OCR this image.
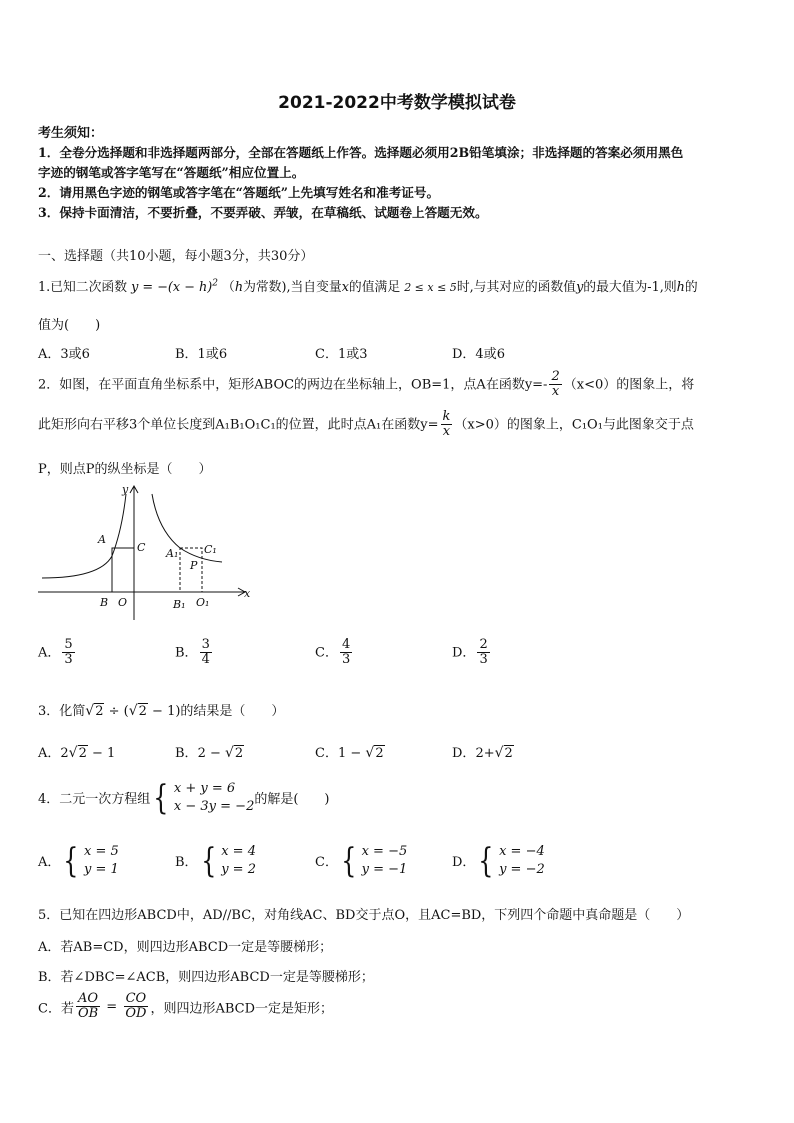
2021-2022中考数学模拟试卷
考生须知：
1．全卷分选择题和非选择题两部分，全部在答题纸上作答。选择题必须用2B铅笔填涂；非选择题的答案必须用黑色
字迹的钢笔或答字笔写在“答题纸”相应位置上。
2．请用黑色字迹的钢笔或答字笔在“答题纸”上先填写姓名和准考证号。
3．保持卡面清洁，不要折叠，不要弄破、弄皱，在草稿纸、试题卷上答题无效。
一、选择题（共10小题，每小题3分，共30分）
1.已知二次函数 $y = -(x - h)^2$ （h为常数),当自变量x的值满足 2 ≤ x ≤ 5时,与其对应的函数值y的最大值为-1,则h的
值为(　　)
A．3或6	B．1或6	C．1或3	D．4或6
2．如图，在平面直角坐标系中，矩形ABOC的两边在坐标轴上，OB=1，点A在函数$y=- \frac{2}{x} (x<0)$的图象上，将
此矩形向右平移3个单位长度到A₁B₁O₁C₁的位置，此时点A₁在函数$y= \frac{k}{x} (x>0)$的图象上，C₁O₁与此图象交于点
P，则点P的纵坐标是（　　）
y
x
A
C
B O
A₁ C₁
P
B₁ O₁
A． $\frac{5}{3}$	B． $\frac{3}{4}$	C． $\frac{4}{3}$	D． $\frac{2}{3}$
3．化简 √ 2 ÷ ( √ 2 − 1)的结果是（　　）
A．2 √ 2 − 1	B．2 − √ 2	C．1 − √ 2	D．2+ √ 2
4．二元一次方程组 { x + y = 6
x − 3y = −2 的解是(　　)
A． { x = 5
y = 1	B． { x = 4
y = 2	C． { x = −5
y = −1	D． { x = −4
y = −2
5．已知在四边形ABCD中，AD//BC，对角线AC、BD交于点O，且AC=BD，下列四个命题中真命题是（　　）
A．若AB=CD，则四边形ABCD一定是等腰梯形；
B．若∠DBC=∠ACB，则四边形ABCD一定是等腰梯形；
C．若 $\frac{AO}{OB} = \frac{CO}{OD}$ ，则四边形ABCD一定是矩形；
